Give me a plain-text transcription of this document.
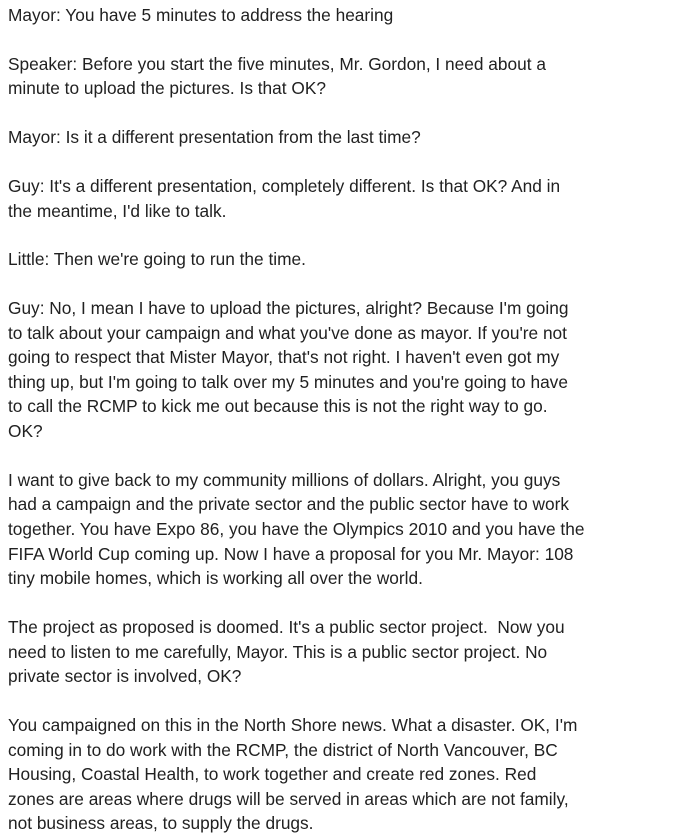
Mayor: You have 5 minutes to address the hearing

Speaker: Before you start the five minutes, Mr. Gordon, I need about a
minute to upload the pictures. Is that OK?

Mayor: Is it a different presentation from the last time?

Guy: It's a different presentation, completely different. Is that OK? And in
the meantime, I'd like to talk.

Little: Then we're going to run the time.

Guy: No, I mean I have to upload the pictures, alright? Because I'm going
to talk about your campaign and what you've done as mayor. If you're not
going to respect that Mister Mayor, that's not right. I haven't even got my
thing up, but I'm going to talk over my 5 minutes and you're going to have
to call the RCMP to kick me out because this is not the right way to go.
OK?

I want to give back to my community millions of dollars. Alright, you guys
had a campaign and the private sector and the public sector have to work
together. You have Expo 86, you have the Olympics 2010 and you have the
FIFA World Cup coming up. Now I have a proposal for you Mr. Mayor: 108
tiny mobile homes, which is working all over the world.

The project as proposed is doomed. It's a public sector project.  Now you
need to listen to me carefully, Mayor. This is a public sector project. No
private sector is involved, OK?

You campaigned on this in the North Shore news. What a disaster. OK, I'm
coming in to do work with the RCMP, the district of North Vancouver, BC
Housing, Coastal Health, to work together and create red zones. Red
zones are areas where drugs will be served in areas which are not family,
not business areas, to supply the drugs.
